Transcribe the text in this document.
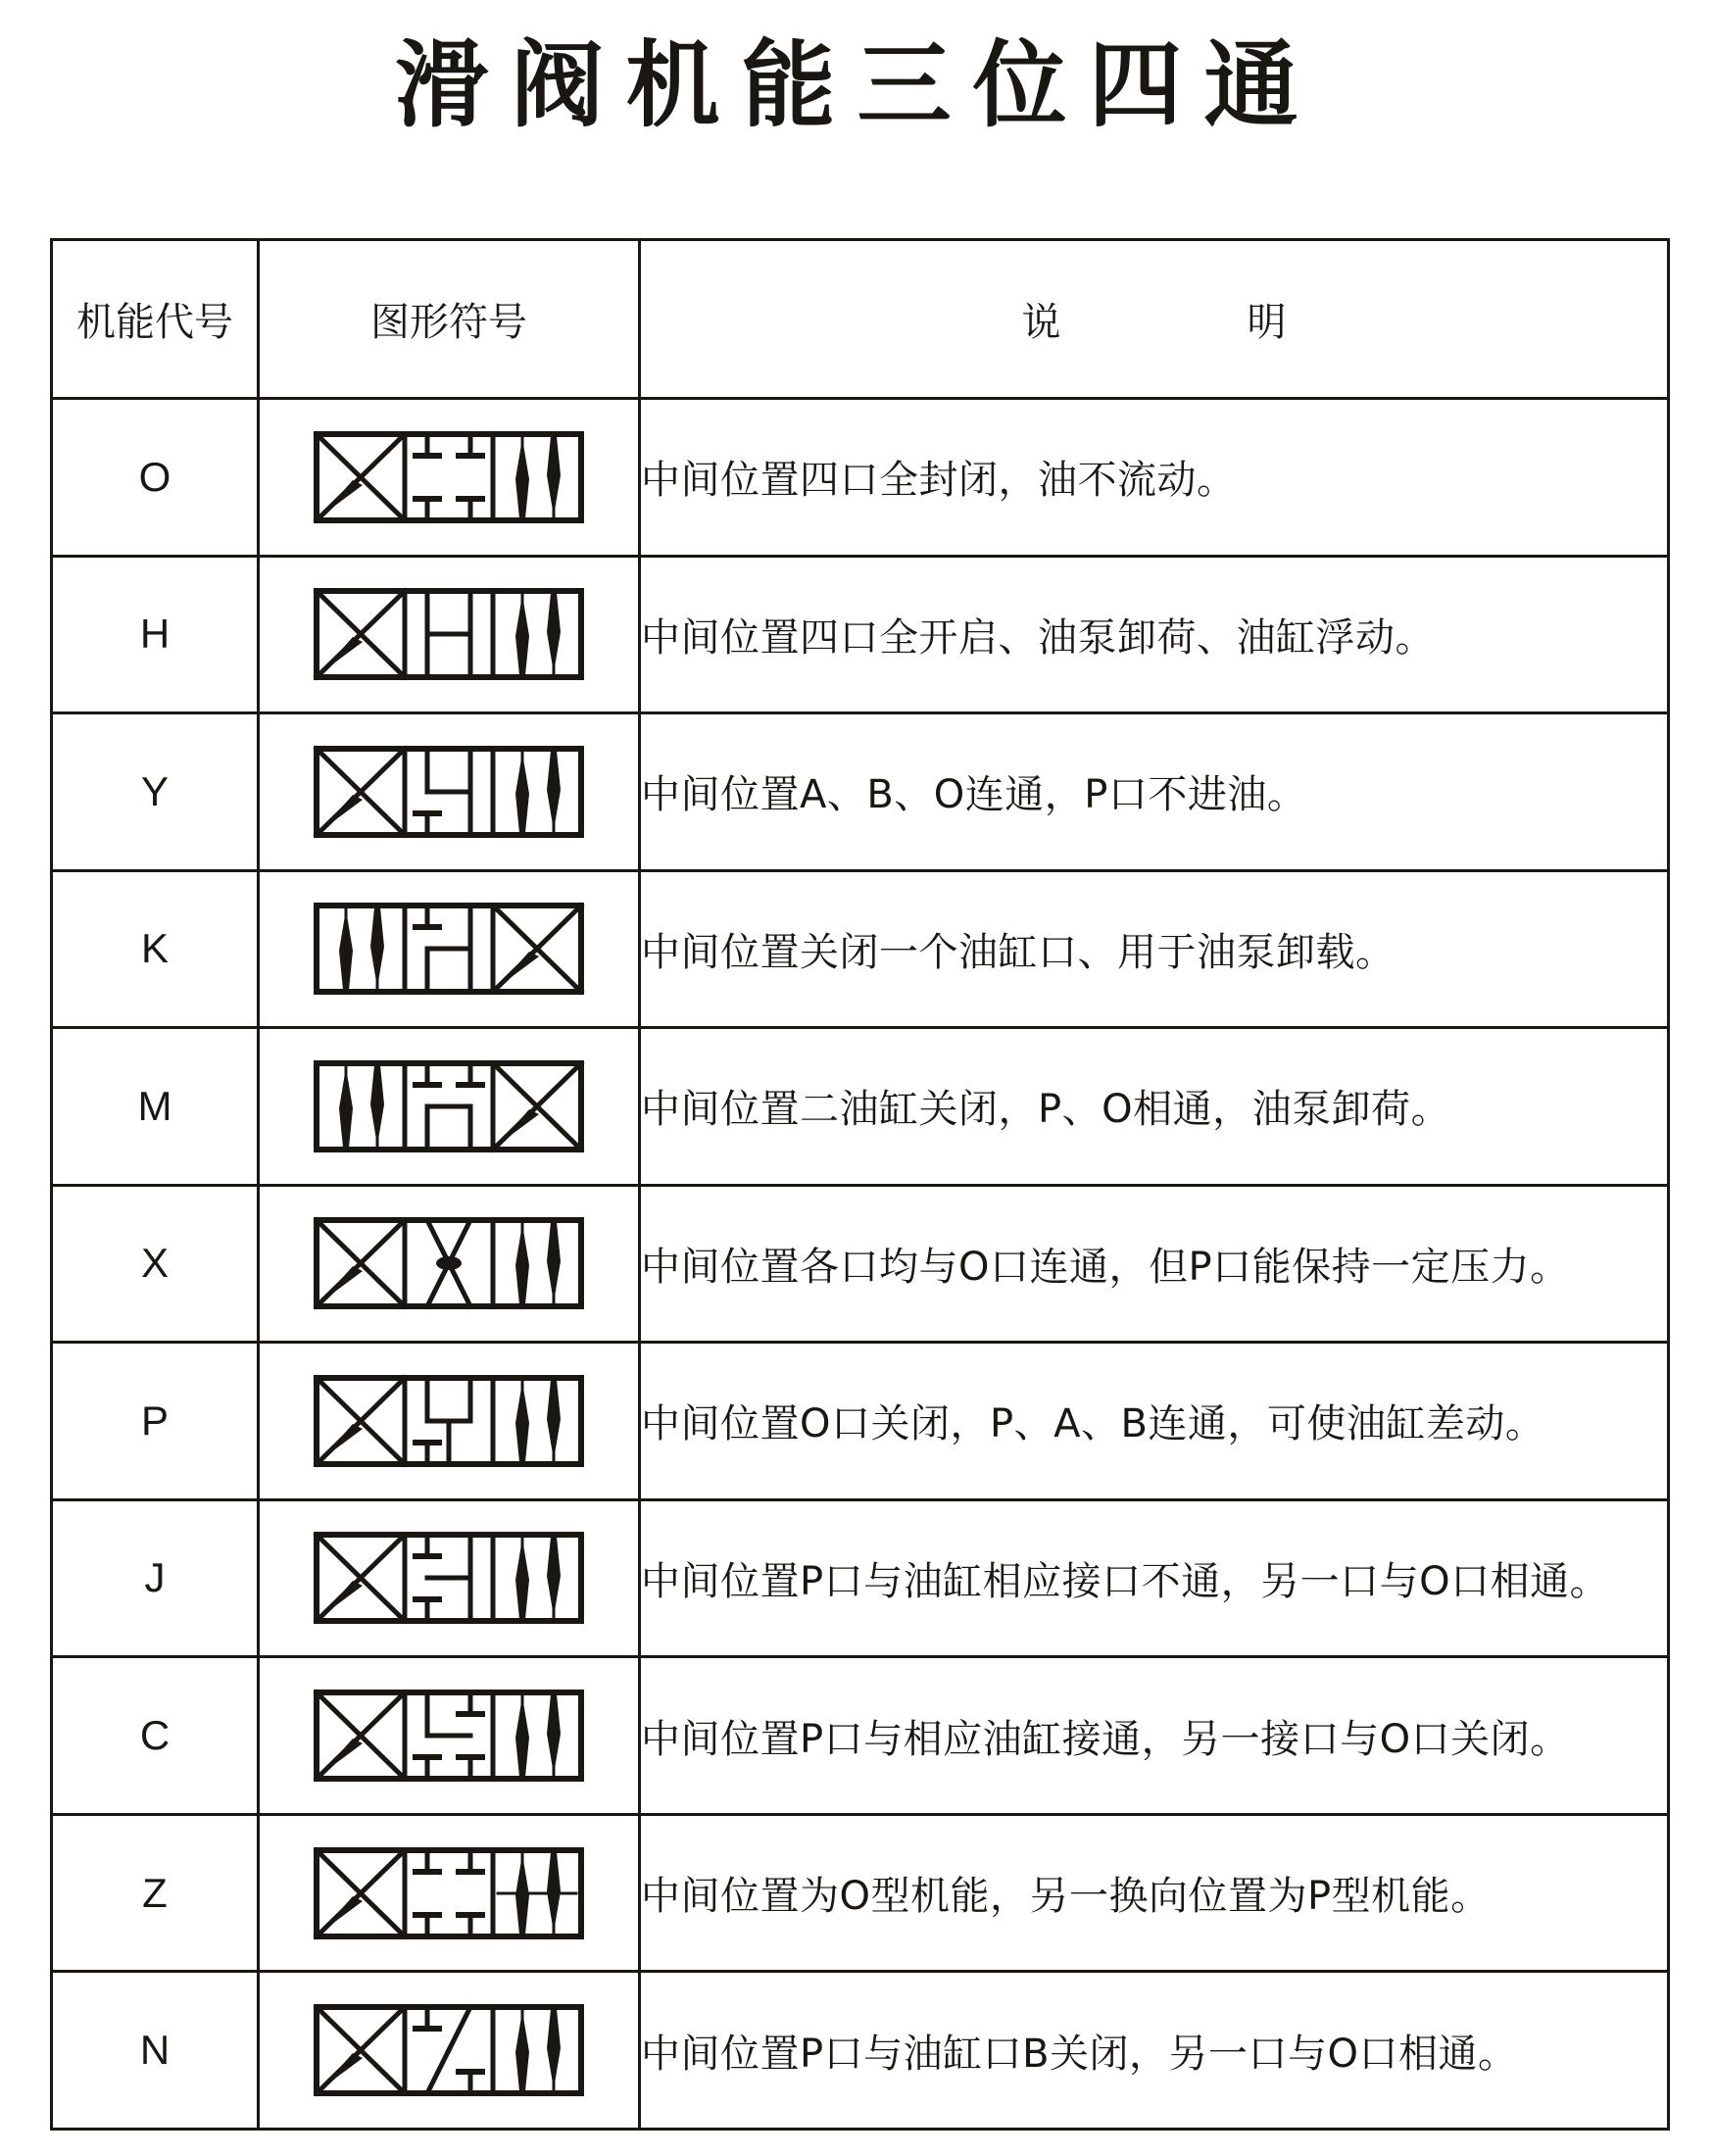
滑阀机能三位四通
机能代号	图形符号	说 明
O		中间位置四口全封闭，油不流动。
H		中间位置四口全开启、油泵卸荷、油缸浮动。
Y		中间位置A、B、O连通，P口不进油。
K		中间位置关闭一个油缸口、用于油泵卸载。
M		中间位置二油缸关闭，P、O相通，油泵卸荷。
X		中间位置各口均与O口连通，但P口能保持一定压力。
P		中间位置O口关闭，P、A、B连通，可使油缸差动。
J		中间位置P口与油缸相应接口不通，另一口与O口相通。
C		中间位置P口与相应油缸接通，另一接口与O口关闭。
Z		中间位置为O型机能，另一换向位置为P型机能。
N		中间位置P口与油缸口B关闭，另一口与O口相通。
